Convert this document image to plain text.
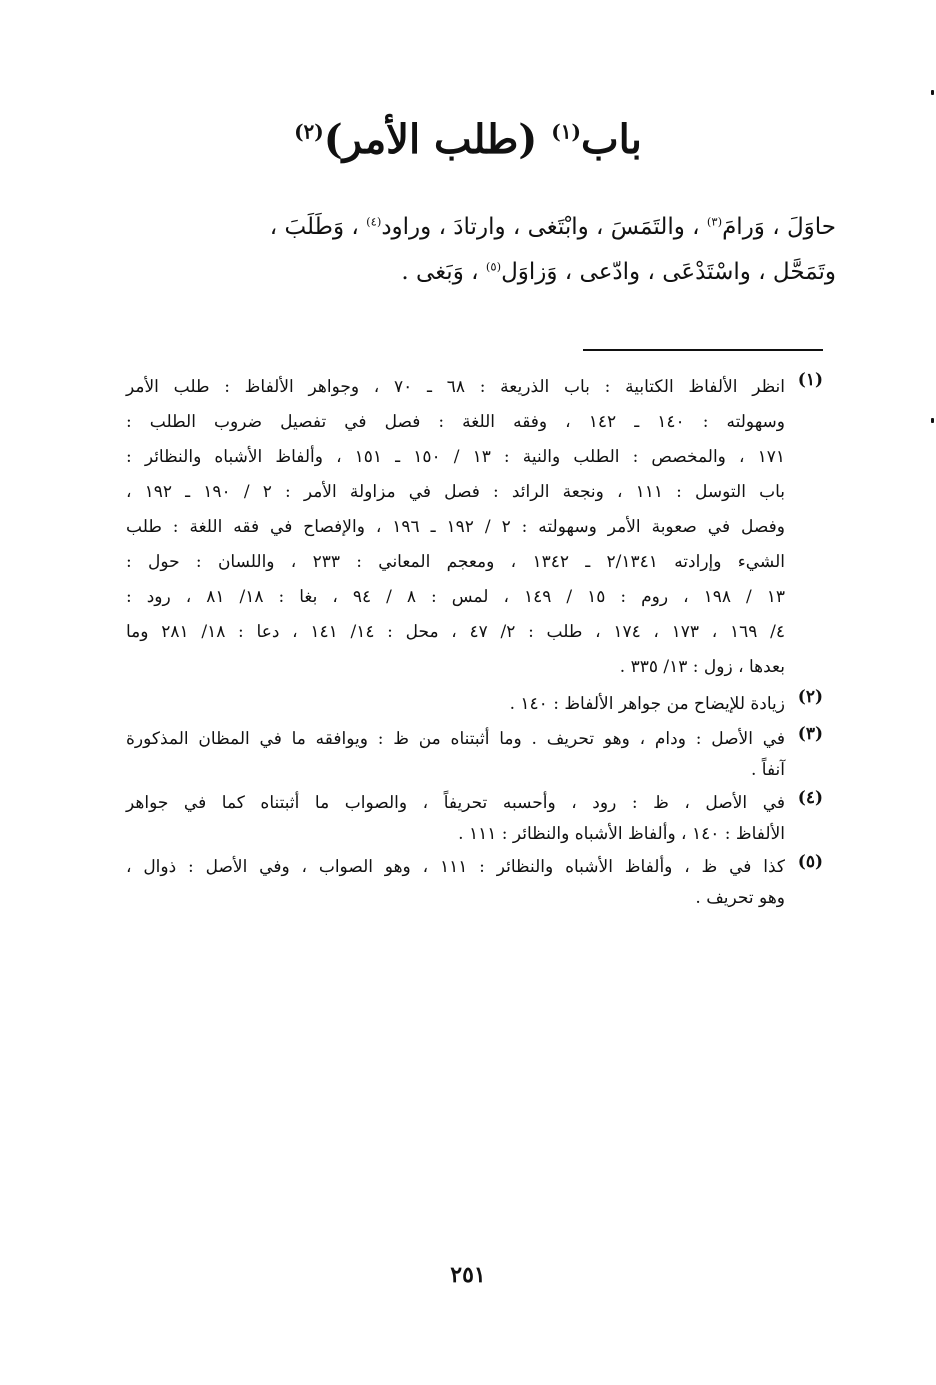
باب$^{(١)}$ (طلب الأمر)$^{(٢)}$
حاوَلَ ، وَرامَ$^{(٣)}$ ، والتَمَسَ ، وابْتَغى ، وارتادَ ، وراود$^{(٤)}$ ، وَطَلَبَ ،
وتَمَحَّل ، واسْتَدْعَى ، وادّعى ، وَزاوَل$^{(٥)}$ ، وَبَغى .
(١)
انظر الألفاظ الكتابية : باب الذريعة : ٦٨ ـ ٧٠ ، وجواهر الألفاظ : طلب الأمر
وسهولته : ١٤٠ ـ ١٤٢ ، وفقه اللغة : فصل في تفصيل ضروب الطلب :
١٧١ ، والمخصص : الطلب والنية : ١٣ / ١٥٠ ـ ١٥١ ، وألفاظ الأشباه والنظائر :
باب التوسل : ١١١ ، ونجعة الرائد : فصل في مزاولة الأمر : ٢ / ١٩٠ ـ ١٩٢ ،
وفصل في صعوبة الأمر وسهولته : ٢ / ١٩٢ ـ ١٩٦ ، والإفصاح في فقه اللغة : طلب
الشيء وإرادته ٢/١٣٤١ ـ ١٣٤٢ ، ومعجم المعاني : ٢٣٣ ، واللسان : حول :
١٣ / ١٩٨ ، روم : ١٥ / ١٤٩ ، لمس : ٨ / ٩٤ ، بغا : ١٨/ ٨١ ، رود :
٤/ ١٦٩ ، ١٧٣ ، ١٧٤ ، طلب : ٢/ ٤٧ ، محل : ١٤/ ١٤١ ، دعا : ١٨/ ٢٨١ وما
بعدها ، زول : ١٣/ ٣٣٥ .
(٢)
زيادة للإيضاح من جواهر الألفاظ : ١٤٠ .
(٣)
في الأصل : ودام ، وهو تحريف . وما أثبتناه من ظ : ويوافقه ما في المظان المذكورة
آنفاً .
(٤)
في الأصل ، ظ : رود ، وأحسبه تحريفاً ، والصواب ما أثبتناه كما في جواهر
الألفاظ : ١٤٠ ، وألفاظ الأشباه والنظائر : ١١١ .
(٥)
كذا في ظ ، وألفاظ الأشباه والنظائر : ١١١ ، وهو الصواب ، وفي الأصل : ذوال ،
وهو تحريف .
٢٥١
